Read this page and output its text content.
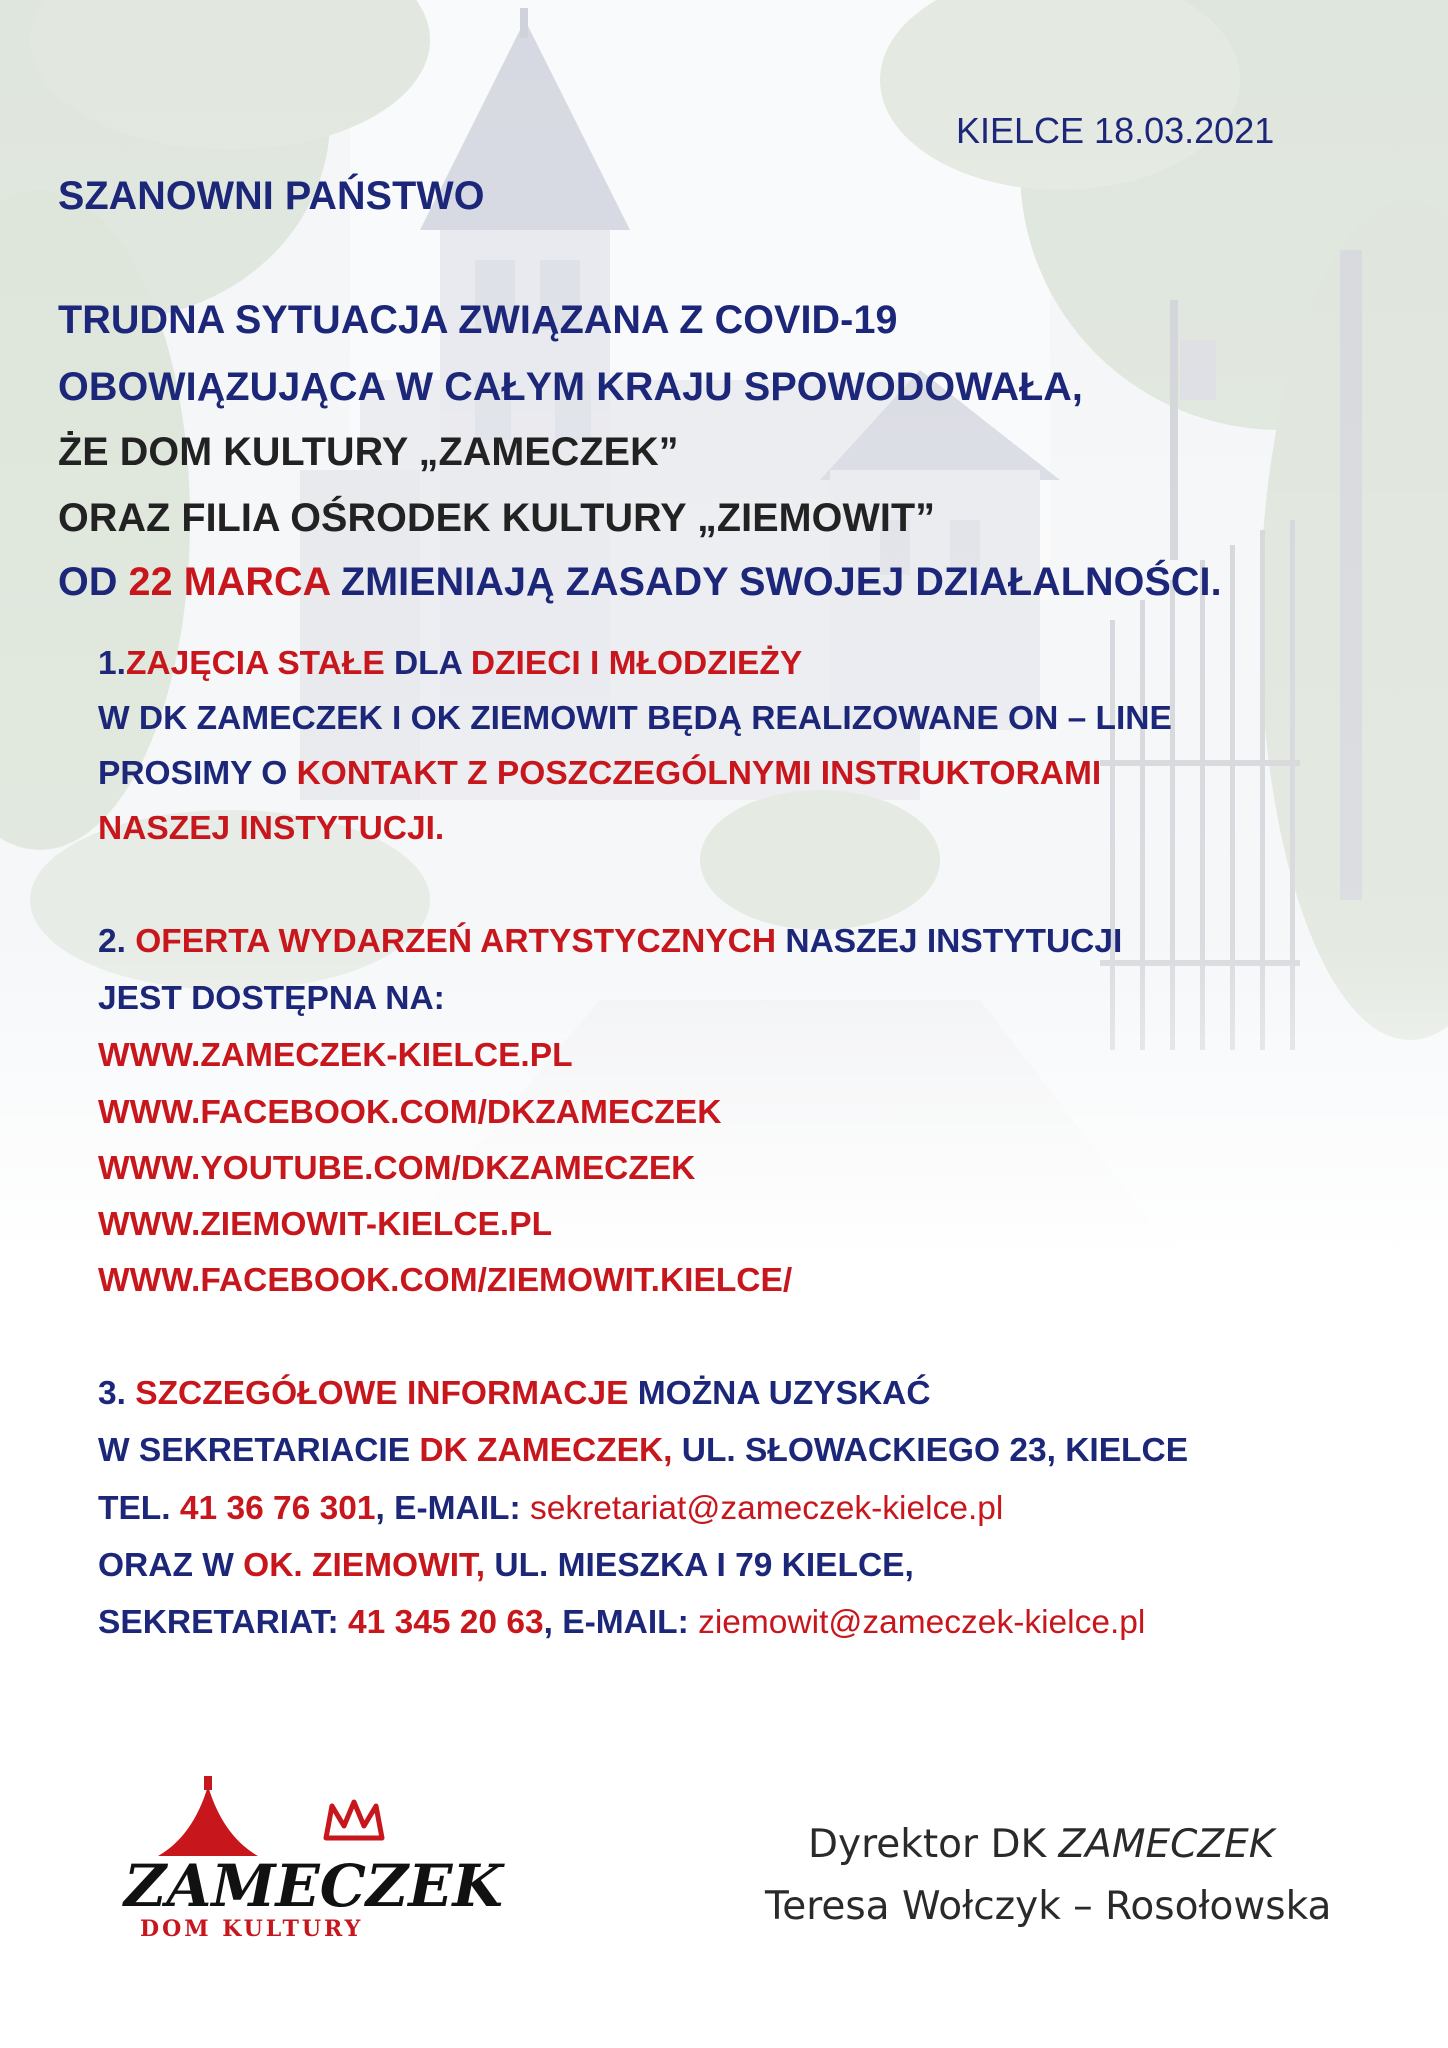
KIELCE 18.03.2021
SZANOWNI PAŃSTWO
TRUDNA SYTUACJA ZWIĄZANA Z COVID-19
OBOWIĄZUJĄCA W CAŁYM KRAJU SPOWODOWAŁA,
ŻE DOM KULTURY „ZAMECZEK”
ORAZ FILIA OŚRODEK KULTURY „ZIEMOWIT”
OD 22 MARCA ZMIENIAJĄ ZASADY SWOJEJ DZIAŁALNOŚCI.
1.ZAJĘCIA STAŁE DLA DZIECI I MŁODZIEŻY
W DK ZAMECZEK I OK ZIEMOWIT BĘDĄ REALIZOWANE ON – LINE
PROSIMY O KONTAKT Z POSZCZEGÓLNYMI INSTRUKTORAMI
NASZEJ INSTYTUCJI.
2. OFERTA WYDARZEŃ ARTYSTYCZNYCH NASZEJ INSTYTUCJI
JEST DOSTĘPNA NA:
WWW.ZAMECZEK-KIELCE.PL
WWW.FACEBOOK.COM/DKZAMECZEK
WWW.YOUTUBE.COM/DKZAMECZEK
WWW.ZIEMOWIT-KIELCE.PL
WWW.FACEBOOK.COM/ZIEMOWIT.KIELCE/
3. SZCZEGÓŁOWE INFORMACJE MOŻNA UZYSKAĆ
W SEKRETARIACIE DK ZAMECZEK, UL. SŁOWACKIEGO 23, KIELCE
TEL. 41 36 76 301, E-MAIL: sekretariat@zameczek-kielce.pl
ORAZ W OK. ZIEMOWIT, UL. MIESZKA I 79 KIELCE,
SEKRETARIAT: 41 345 20 63, E-MAIL: ziemowit@zameczek-kielce.pl
ZAMECZEK
DOM KULTURY
Dyrektor DK ZAMECZEK
Teresa Wołczyk – Rosołowska
